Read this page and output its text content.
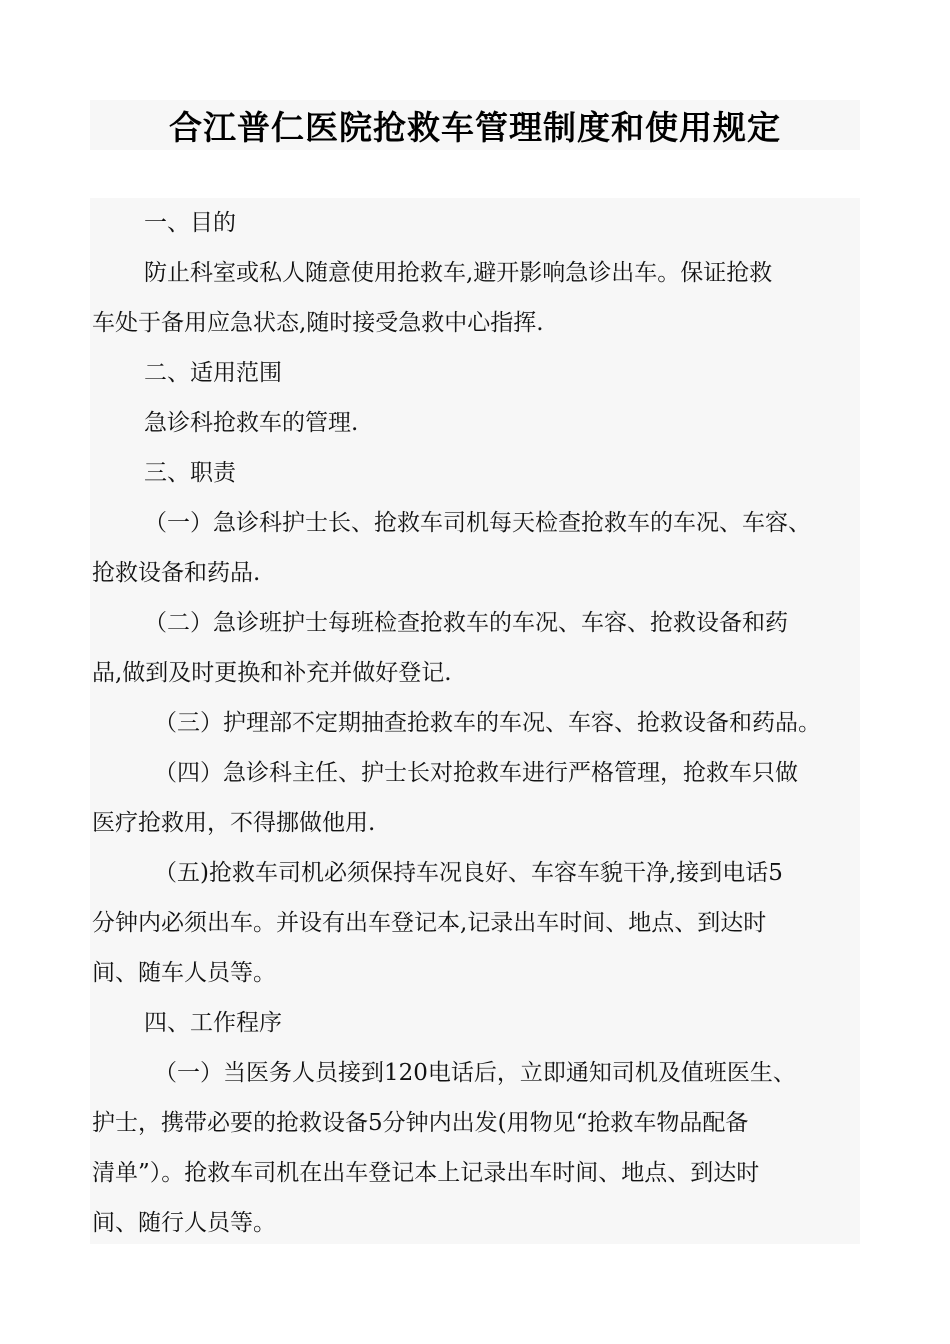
合江普仁医院抢救车管理制度和使用规定
一、目的
防止科室或私人随意使用抢救车,避开影响急诊出车。保证抢救
车处于备用应急状态,随时接受急救中心指挥.
二、适用范围
急诊科抢救车的管理.
三、职责
（一）急诊科护士长、抢救车司机每天检查抢救车的车况、车容、
抢救设备和药品.
（二）急诊班护士每班检查抢救车的车况、车容、抢救设备和药
品,做到及时更换和补充并做好登记.
（三）护理部不定期抽查抢救车的车况、车容、抢救设备和药品。
（四）急诊科主任、护士长对抢救车进行严格管理，抢救车只做
医疗抢救用，不得挪做他用.
（五)抢救车司机必须保持车况良好、车容车貌干净,接到电话5
分钟内必须出车。并设有出车登记本,记录出车时间、地点、到达时
间、随车人员等。
四、工作程序
（一）当医务人员接到120电话后，立即通知司机及值班医生、
护士，携带必要的抢救设备5分钟内出发(用物见“抢救车物品配备
清单”）。抢救车司机在出车登记本上记录出车时间、地点、到达时
间、随行人员等。
